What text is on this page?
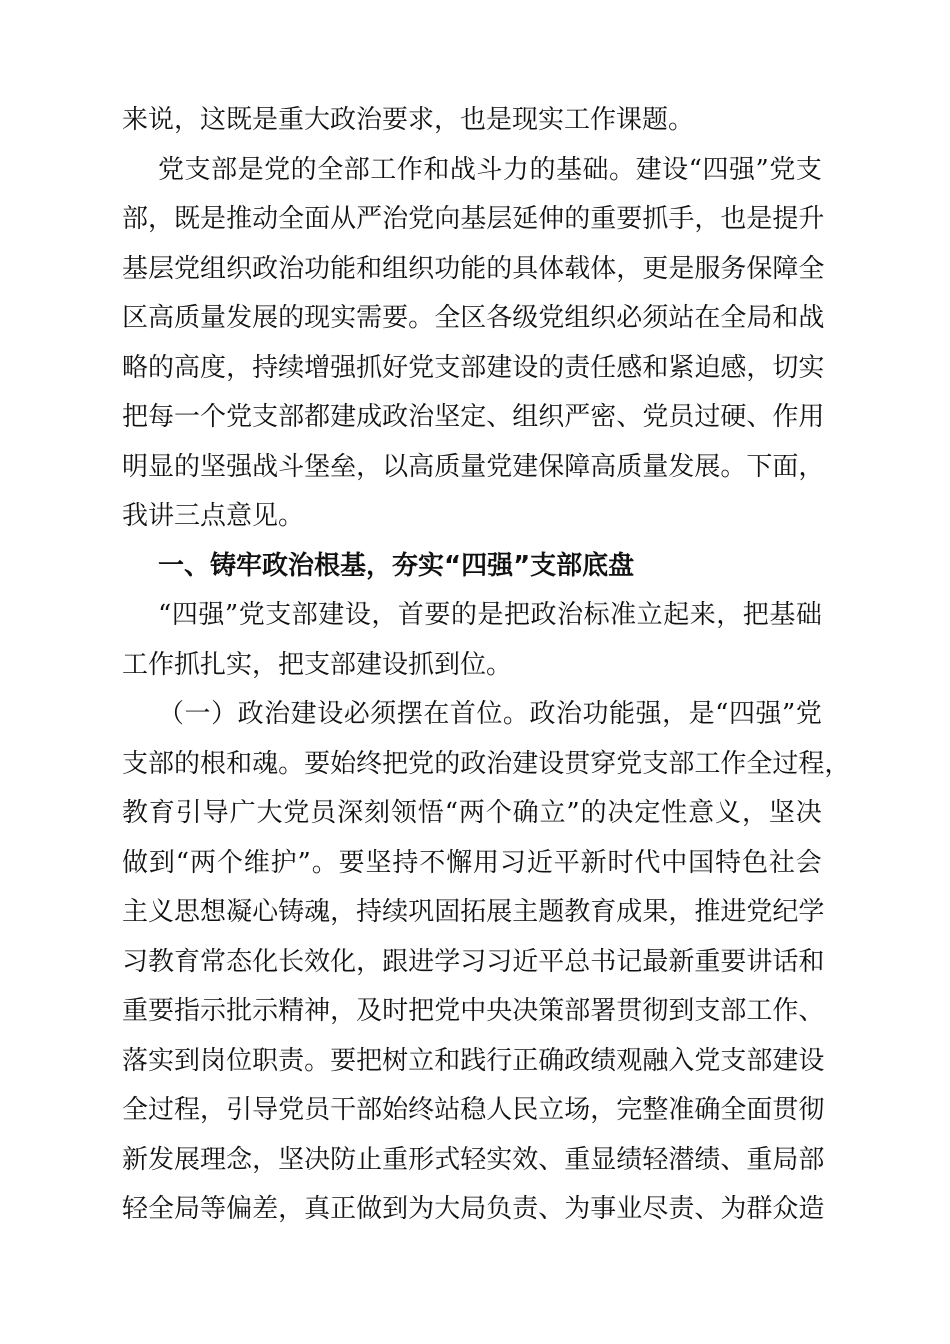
来说，这既是重大政治要求，也是现实工作课题。
党 支 部 是 党 的 全 部 工 作 和 战 斗 力 的 基 础 。 建 设 “ 四 强 ” 党 支
部 ， 既 是 推 动 全 面 从 严 治 党 向 基 层 延 伸 的 重 要 抓 手 ， 也 是 提 升
基 层 党 组 织 政 治 功 能 和 组 织 功 能 的 具 体 载 体 ， 更 是 服 务 保 障 全
区 高 质 量 发 展 的 现 实 需 要 。 全 区 各 级 党 组 织 必 须 站 在 全 局 和 战
略 的 高 度 ， 持 续 增 强 抓 好 党 支 部 建 设 的 责 任 感 和 紧 迫 感 ， 切 实
把 每 一 个 党 支 部 都 建 成 政 治 坚 定 、 组 织 严 密 、 党 员 过 硬 、 作 用
明 显 的 坚 强 战 斗 堡 垒 ， 以 高 质 量 党 建 保 障 高 质 量 发 展 。 下 面 ，
我讲三点意见。
一、铸牢政治根基，夯实“四强”支部底盘
“ 四 强 ” 党 支 部 建 设 ， 首 要 的 是 把 政 治 标 准 立 起 来 ， 把 基 础
工作抓扎实，把支部建设抓到位。
（ 一 ） 政 治 建 设 必 须 摆 在 首 位 。 政 治 功 能 强 ， 是 “ 四 强 ” 党
支 部 的 根 和 魂 。 要 始 终 把 党 的 政 治 建 设 贯 穿 党 支 部 工 作 全 过 程 ，
教 育 引 导 广 大 党 员 深 刻 领 悟 “ 两 个 确 立 ” 的 决 定 性 意 义 ， 坚 决
做 到 “ 两 个 维 护 ” 。 要 坚 持 不 懈 用 习 近 平 新 时 代 中 国 特 色 社 会
主 义 思 想 凝 心 铸 魂 ， 持 续 巩 固 拓 展 主 题 教 育 成 果 ， 推 进 党 纪 学
习 教 育 常 态 化 长 效 化 ， 跟 进 学 习 习 近 平 总 书 记 最 新 重 要 讲 话 和
重 要 指 示 批 示 精 神 ， 及 时 把 党 中 央 决 策 部 署 贯 彻 到 支 部 工 作 、
落 实 到 岗 位 职 责 。 要 把 树 立 和 践 行 正 确 政 绩 观 融 入 党 支 部 建 设
全 过 程 ， 引 导 党 员 干 部 始 终 站 稳 人 民 立 场 ， 完 整 准 确 全 面 贯 彻
新 发 展 理 念 ， 坚 决 防 止 重 形 式 轻 实 效 、 重 显 绩 轻 潜 绩 、 重 局 部
轻 全 局 等 偏 差 ， 真 正 做 到 为 大 局 负 责 、 为 事 业 尽 责 、 为 群 众 造
